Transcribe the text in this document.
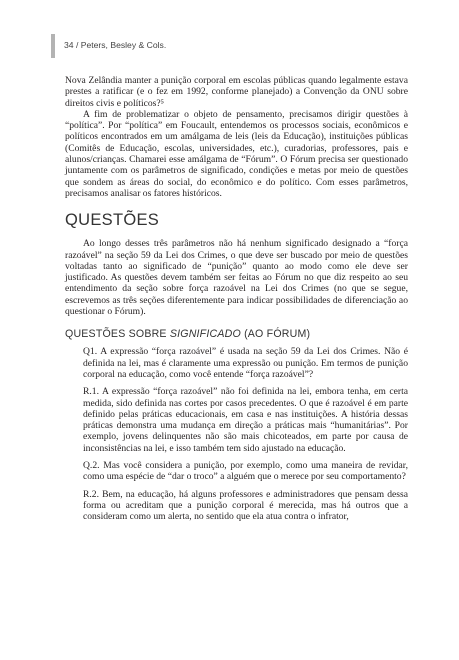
34 / Peters, Besley & Cols.

Nova Zelândia manter a punição corporal em escolas públicas quando legalmente estava prestes a ratificar (e o fez em 1992, conforme planejado) a Convenção da ONU sobre direitos civis e políticos?⁵

A fim de problematizar o objeto de pensamento, precisamos dirigir questões à “política”. Por “política” em Foucault, entendemos os processos sociais, econômicos e políticos encontrados em um amálgama de leis (leis da Educação), instituições públicas (Comitês de Educação, escolas, universidades, etc.), curadorias, professores, pais e alunos/crianças. Chamarei esse amálgama de “Fórum”. O Fórum precisa ser questionado juntamente com os parâmetros de significado, condições e metas por meio de questões que sondem as áreas do social, do econômico e do político. Com esses parâmetros, precisamos analisar os fatores históricos.

QUESTÕES

Ao longo desses três parâmetros não há nenhum significado designado a “força razoável” na seção 59 da Lei dos Crimes, o que deve ser buscado por meio de questões voltadas tanto ao significado de “punição” quanto ao modo como ele deve ser justificado. As questões devem também ser feitas ao Fórum no que diz respeito ao seu entendimento da seção sobre força razoável na Lei dos Crimes (no que se segue, escrevemos as três seções diferentemente para indicar possibilidades de diferenciação ao questionar o Fórum).

QUESTÕES SOBRE SIGNIFICADO (AO FÓRUM)

Q1. A expressão “força razoável” é usada na seção 59 da Lei dos Crimes. Não é definida na lei, mas é claramente uma expressão ou punição. Em termos de punição corporal na educação, como você entende “força razoável”?

R.1. A expressão “força razoável” não foi definida na lei, embora tenha, em certa medida, sido definida nas cortes por casos precedentes. O que é razoável é em parte definido pelas práticas educacionais, em casa e nas instituições. A história dessas práticas demonstra uma mudança em direção a práticas mais “humanitárias”. Por exemplo, jovens delinquentes não são mais chicoteados, em parte por causa de inconsistências na lei, e isso também tem sido ajustado na educação.

Q.2. Mas você considera a punição, por exemplo, como uma maneira de revidar, como uma espécie de “dar o troco” a alguém que o merece por seu comportamento?

R.2. Bem, na educação, há alguns professores e administradores que pensam dessa forma ou acreditam que a punição corporal é merecida, mas há outros que a consideram como um alerta, no sentido que ela atua contra o infrator,
